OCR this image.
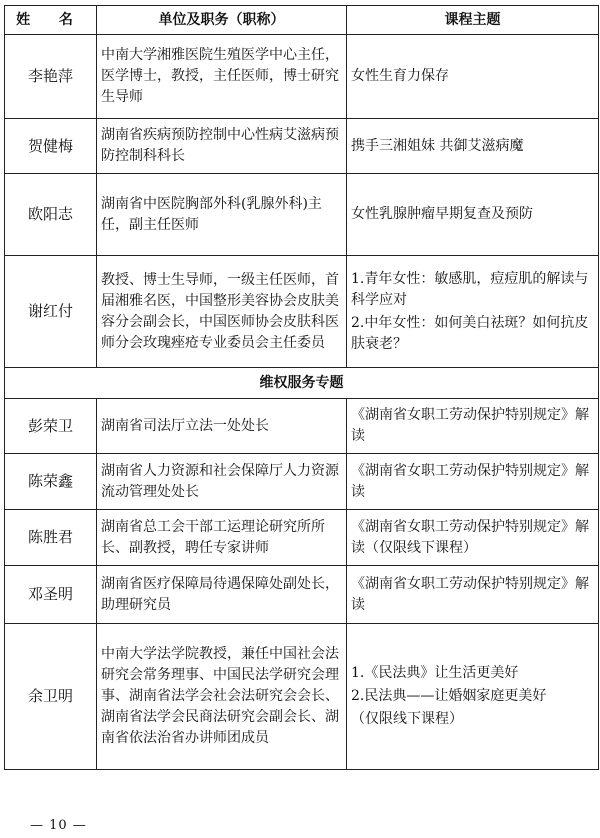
姓 名	单位及职务（职称）	课程主题
李艳萍	中南大学湘雅医院生殖医学中心主任，医学博士，教授，主任医师，博士研究生导师	女性生育力保存

贺健梅	湖南省疾病预防控制中心性病艾滋病预防控制科科长	携手三湘姐妹 共御艾滋病魔

欧阳志	湖南省中医院胸部外科(乳腺外科)主任，副主任医师	女性乳腺肿瘤早期复查及预防

谢红付	教授、博士生导师，一级主任医师，首届湘雅名医，中国整形美容协会皮肤美容分会副会长，中国医师协会皮肤科医师分会玫瑰痤疮专业委员会主任委员	1.青年女性：敏感肌，痘痘肌的解读与科学应对
2.中年女性：如何美白祛斑？如何抗皮肤衰老？

维权服务专题		
彭荣卫	湖南省司法厅立法一处处长	《湖南省女职工劳动保护特别规定》解读

陈荣鑫	湖南省人力资源和社会保障厅人力资源流动管理处处长	《湖南省女职工劳动保护特别规定》解读

陈胜君	湖南省总工会干部工运理论研究所所长、副教授，聘任专家讲师	《湖南省女职工劳动保护特别规定》解读（仅限线下课程）

邓圣明	湖南省医疗保障局待遇保障处副处长，助理研究员	《湖南省女职工劳动保护特别规定》解读

余卫明	中南大学法学院教授，兼任中国社会法研究会常务理事、中国民法学研究会理事、湖南省法学会社会法研究会会长、湖南省法学会民商法研究会副会长、湖南省依法治省办讲师团成员	1.《民法典》让生活更美好
2.民法典——让婚姻家庭更美好
（仅限线下课程）
— 10 —
